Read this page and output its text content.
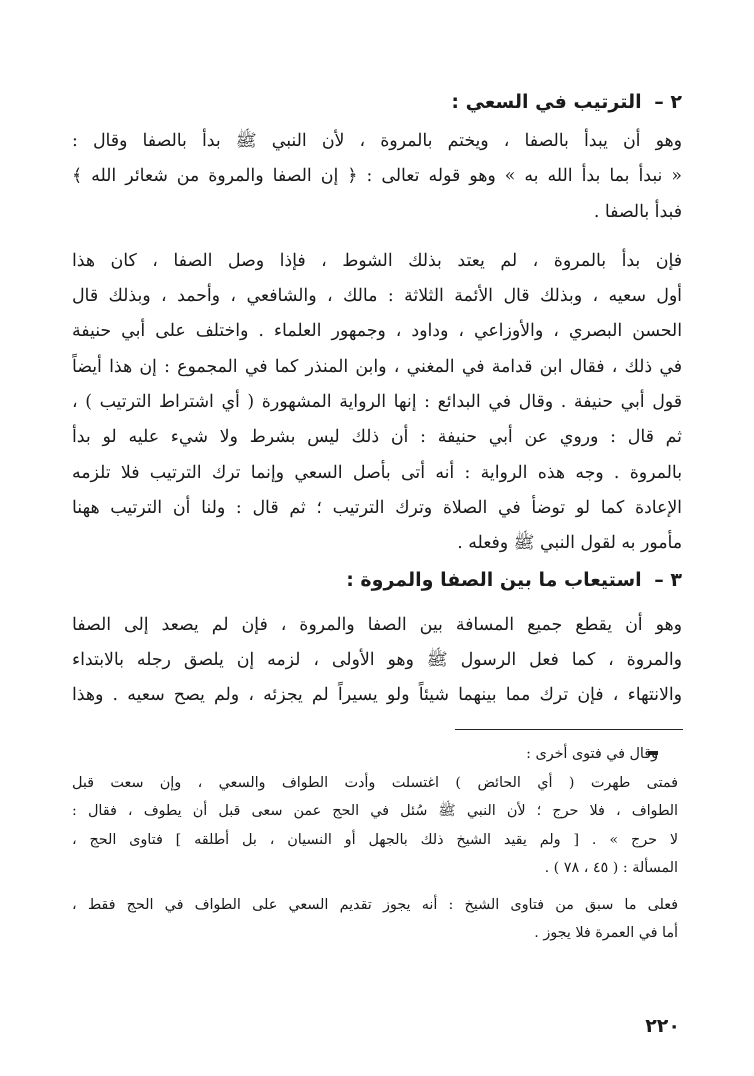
٢ – الترتيب في السعي :
وهو أن يبدأ بالصفا ، ويختم بالمروة ، لأن النبي ﷺ بدأ بالصفا وقال :
« نبدأ بما بدأ الله به » وهو قوله تعالى : ﴿ إن الصفا والمروة من شعائر الله ﴾
فبدأ بالصفا .
فإن بدأ بالمروة ، لم يعتد بذلك الشوط ، فإذا وصل الصفا ، كان هذا
أول سعيه ، وبذلك قال الأئمة الثلاثة : مالك ، والشافعي ، وأحمد ، وبذلك قال
الحسن البصري ، والأوزاعي ، وداود ، وجمهور العلماء . واختلف على أبي حنيفة
في ذلك ، فقال ابن قدامة في المغني ، وابن المنذر كما في المجموع : إن هذا أيضاً
قول أبي حنيفة . وقال في البدائع : إنها الرواية المشهورة ( أي اشتراط الترتيب ) ،
ثم قال : وروي عن أبي حنيفة : أن ذلك ليس بشرط ولا شيء عليه لو بدأ
بالمروة . وجه هذه الرواية : أنه أتى بأصل السعي وإنما ترك الترتيب فلا تلزمه
الإعادة كما لو توضأ في الصلاة وترك الترتيب ؛ ثم قال : ولنا أن الترتيب ههنا
مأمور به لقول النبي ﷺ وفعله .
٣ – استيعاب ما بين الصفا والمروة :
وهو أن يقطع جميع المسافة بين الصفا والمروة ، فإن لم يصعد إلى الصفا
والمروة ، كما فعل الرسول ﷺ وهو الأولى ، لزمه إن يلصق رجله بالابتداء
والانتهاء ، فإن ترك مما بينهما شيئاً ولو يسيراً لم يجزئه ، ولم يصح سعيه . وهذا
وقال في فتوى أخرى :
فمتى طهرت ( أي الحائض ) اغتسلت وأدت الطواف والسعي ، وإن سعت قبل
الطواف ، فلا حرج ؛ لأن النبي ﷺ سُئل في الحج عمن سعى قبل أن يطوف ، فقال :
لا حرج » . [ ولم يقيد الشيخ ذلك بالجهل أو النسيان ، بل أطلقه ] فتاوى الحج ،
المسألة : ( ٤٥ ، ٧٨ ) .
فعلى ما سبق من فتاوى الشيخ : أنه يجوز تقديم السعي على الطواف في الحج فقط ،
أما في العمرة فلا يجوز .
٢٢٠
